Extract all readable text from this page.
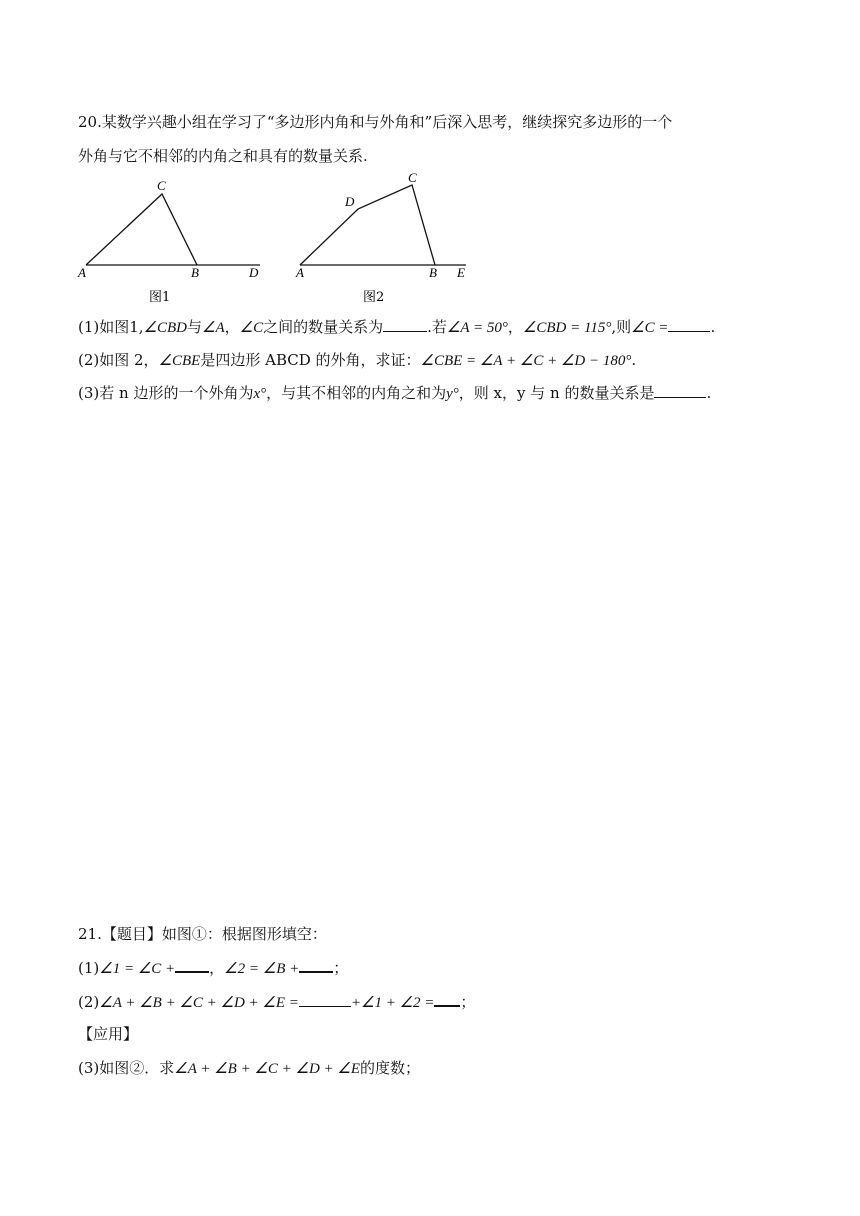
20.某数学兴趣小组在学习了“多边形内角和与外角和”后深入思考，继续探究多边形的一个
外角与它不相邻的内角之和具有的数量关系.
A
C
B	D
图1
A
D
C
B E
图2
(1)如图1,∠CBD与∠A，∠C之间的数量关系为	.若∠A = 50°，∠CBD = 115°,则∠C =	.
(2)如图 2，∠CBE是四边形 ABCD 的外角，求证：∠CBE = ∠A + ∠C + ∠D − 180°.
(3)若 n 边形的一个外角为x°，与其不相邻的内角之和为y°，则 x，y 与 n 的数量关系是	.
21.【题目】如图①：根据图形填空：
(1)∠1 = ∠C + ，∠2 = ∠B + ；
(2)∠A + ∠B + ∠C + ∠D + ∠E =	+∠1 + ∠2 = ；
【应用】
(3)如图②．求∠A + ∠B + ∠C + ∠D + ∠E的度数；
